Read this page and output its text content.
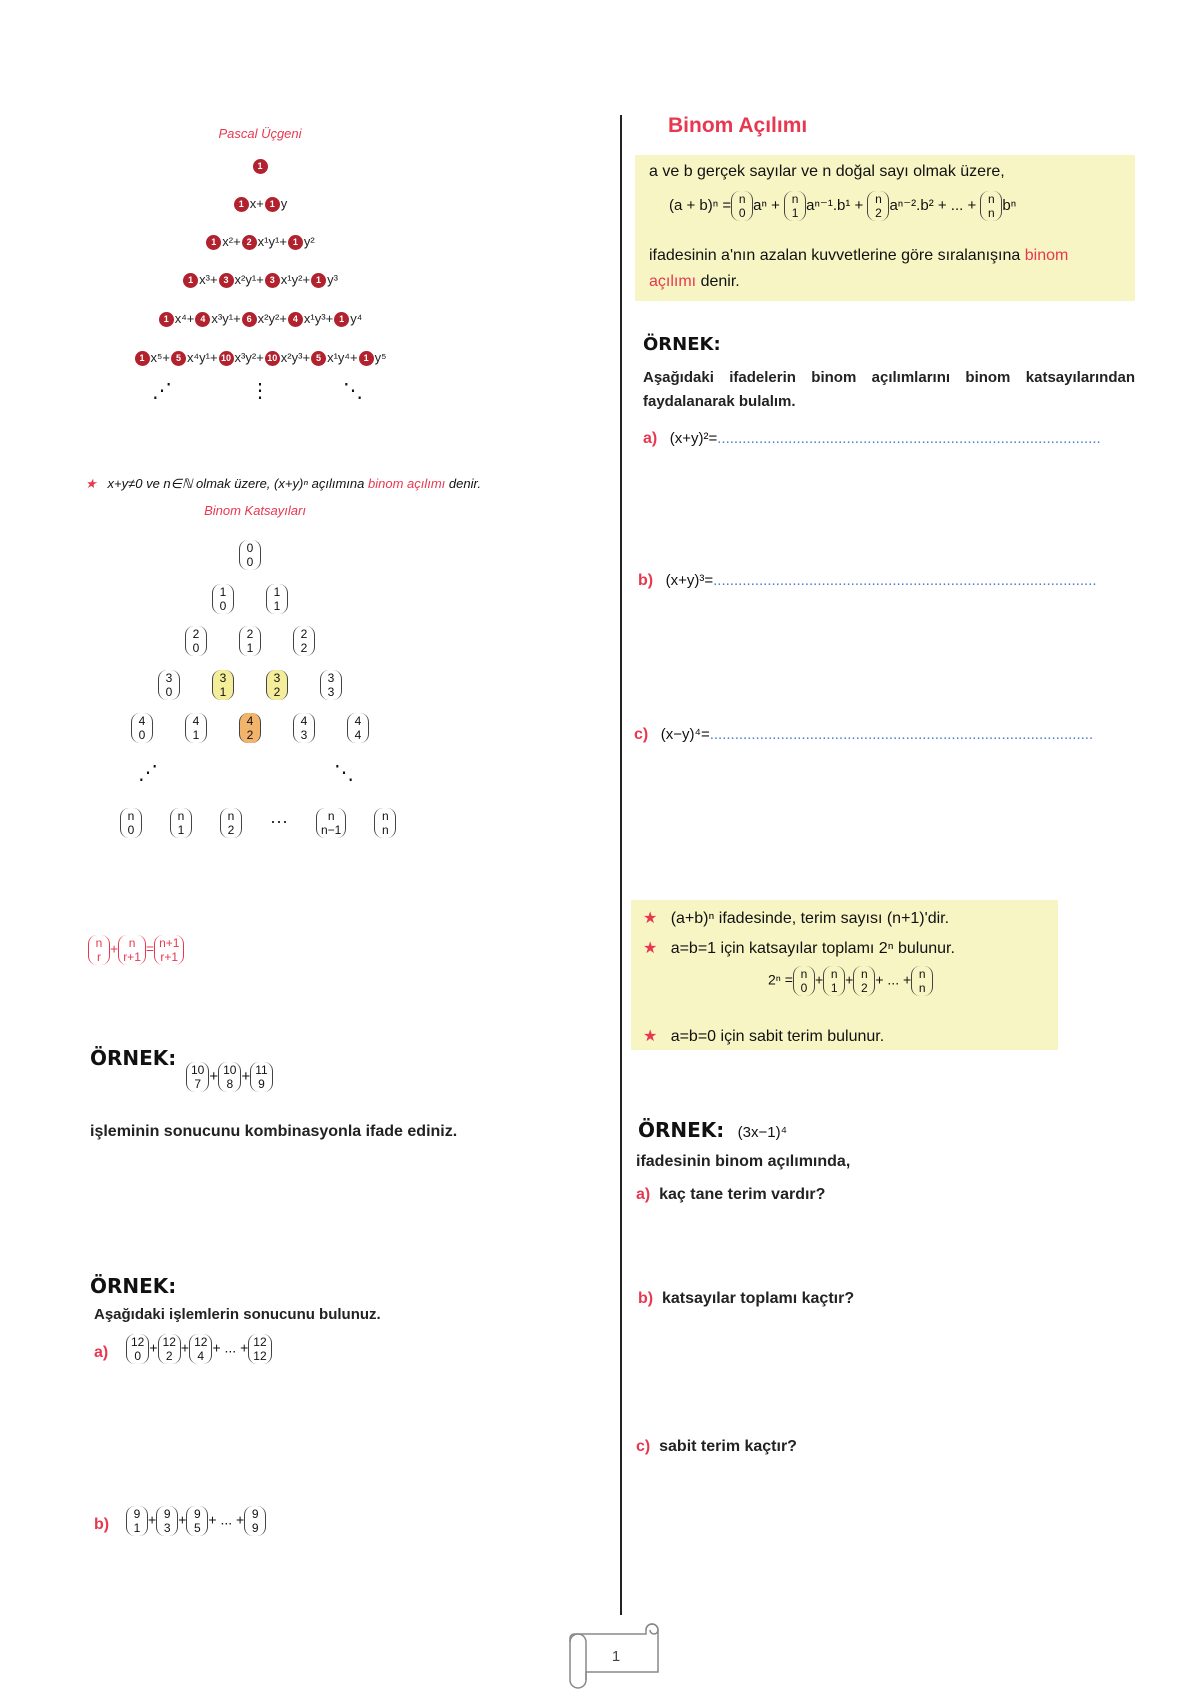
Pascal Üçgeni
1
1 x+ 1 y
1 x²+ 2 x¹y¹+ 1 y²
1 x³+ 3 x²y¹+ 3 x¹y²+ 1 y³
1 x⁴+ 4 x³y¹+ 6 x²y²+ 4 x¹y³+ 1 y⁴
1 x⁵+ 5 x⁴y¹+ 10 x³y²+ 10 x²y³+ 5 x¹y⁴+ 1 y⁵
⋰	⋮	⋱
★ x+y≠0 ve n∈ℕ olmak üzere, (x+y)ⁿ açılımına binom açılımı denir.
Binom Katsayıları
0
0
1
0
1
1
2
0
2
1
2
2
3
0
3
1
3
2
3
3
4
0
4
1
4
2
4
3
4
4
⋰	⋱
n
0
n
1
n
2 ···	n
n−1
n
n
n
r
+ n
r+1
= n+1
r+1
ÖRNEK: 10
7 + 10
8 + 11
9
işleminin sonucunu kombinasyonla ifade ediniz.
ÖRNEK:
Aşağıdaki işlemlerin sonucunu bulunuz.
a)
12
0
+ 12
2
+ 12
4
+ ... + 12
12
b)
9
1
+ 9
3
+ 9
5
+ ... + 9
9
Binom Açılımı
a ve b gerçek sayılar ve n doğal sayı olmak üzere,
(a + b)ⁿ = n
0 aⁿ + n
1 aⁿ⁻¹.b¹ + n
2 aⁿ⁻².b² + ... + n
n bⁿ
ifadesinin a'nın azalan kuvvetlerine göre sıralanışına binom
açılımı denir.
ÖRNEK:
Aşağıdaki ifadelerin binom açılımlarını binom katsayılarından faydalanarak bulalım.
a) (x+y)²=............................................................................................
b) (x+y)³=............................................................................................
c) (x−y)⁴=............................................................................................
★ (a+b)ⁿ ifadesinde, terim sayısı (n+1)'dir.
★ a=b=1 için katsayılar toplamı 2ⁿ bulunur.
2ⁿ = n
0
+ n
1
+ n
2
+ ... + n
n
★ a=b=0 için sabit terim bulunur.
ÖRNEK: (3x−1)⁴
ifadesinin binom açılımında,
a) kaç tane terim vardır?
b) katsayılar toplamı kaçtır?
c) sabit terim kaçtır?
1
